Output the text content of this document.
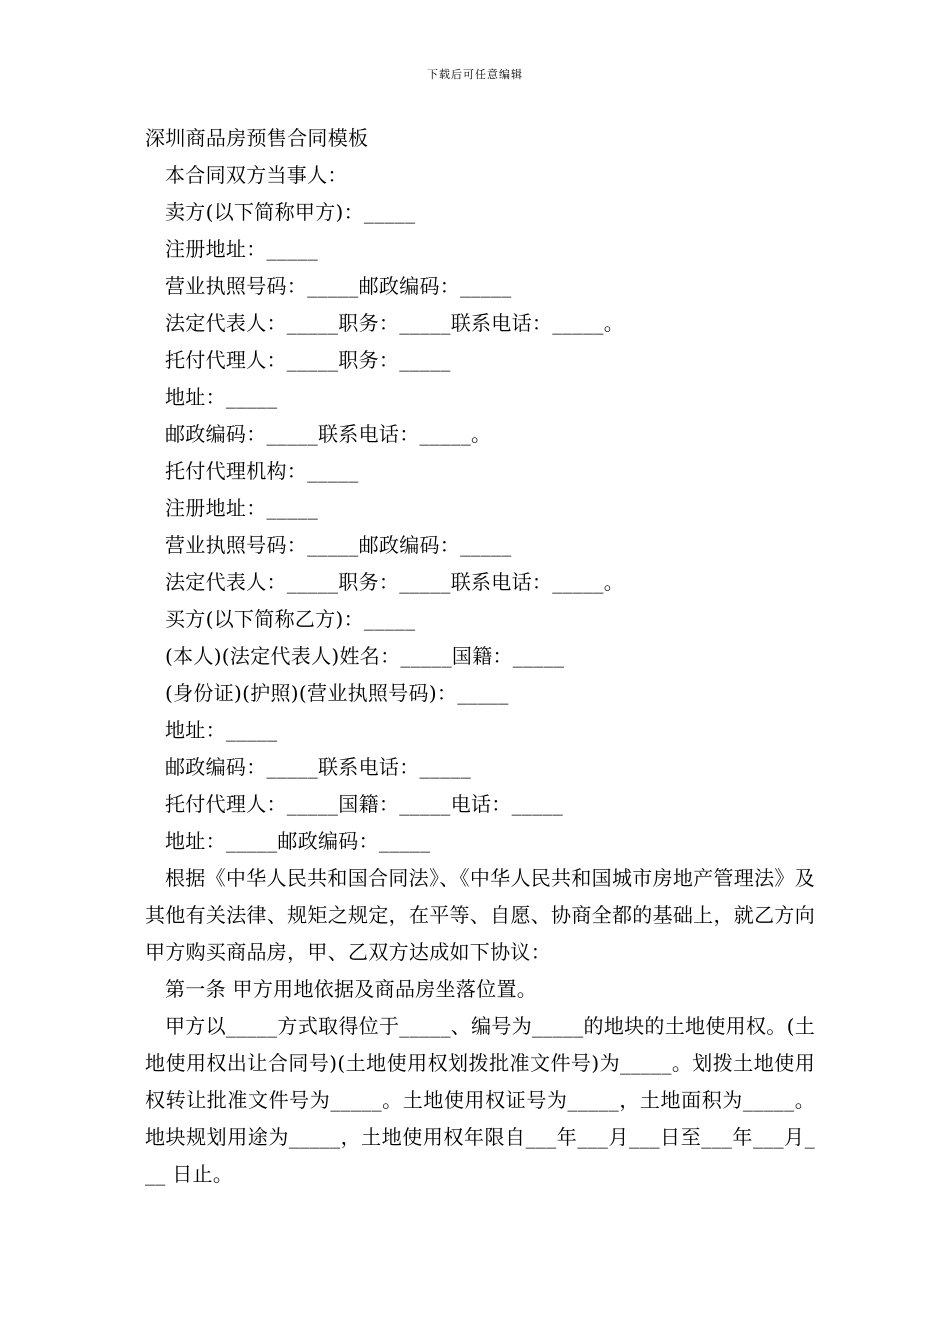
下载后可任意编辑
深圳商品房预售合同模板
本合同双方当事人：
卖方(以下简称甲方)：_____
注册地址：_____
营业执照号码：_____邮政编码：_____
法定代表人：_____职务：_____联系电话：_____。
托付代理人：_____职务：_____
地址：_____
邮政编码：_____联系电话：_____。
托付代理机构：_____
注册地址：_____
营业执照号码：_____邮政编码：_____
法定代表人：_____职务：_____联系电话：_____。
买方(以下简称乙方)：_____
(本人)(法定代表人)姓名：_____国籍：_____
(身份证)(护照)(营业执照号码)：_____
地址：_____
邮政编码：_____联系电话：_____
托付代理人：_____国籍：_____电话：_____
地址：_____邮政编码：_____
根据《中华人民共和国合同法》、《中华人民共和国城市房地产管理法》及其他有关法律、规矩之规定，在平等、自愿、协商全都的基础上，就乙方向甲方购买商品房，甲、乙双方达成如下协议：
第一条 甲方用地依据及商品房坐落位置。
甲方以_____方式取得位于_____、编号为_____的地块的土地使用权。(土地使用权出让合同号)(土地使用权划拨批准文件号)为_____。划拨土地使用权转让批准文件号为_____。土地使用权证号为_____，土地面积为_____。地块规划用途为_____，土地使用权年限自___年___月___日至___年___月___ 日止。
